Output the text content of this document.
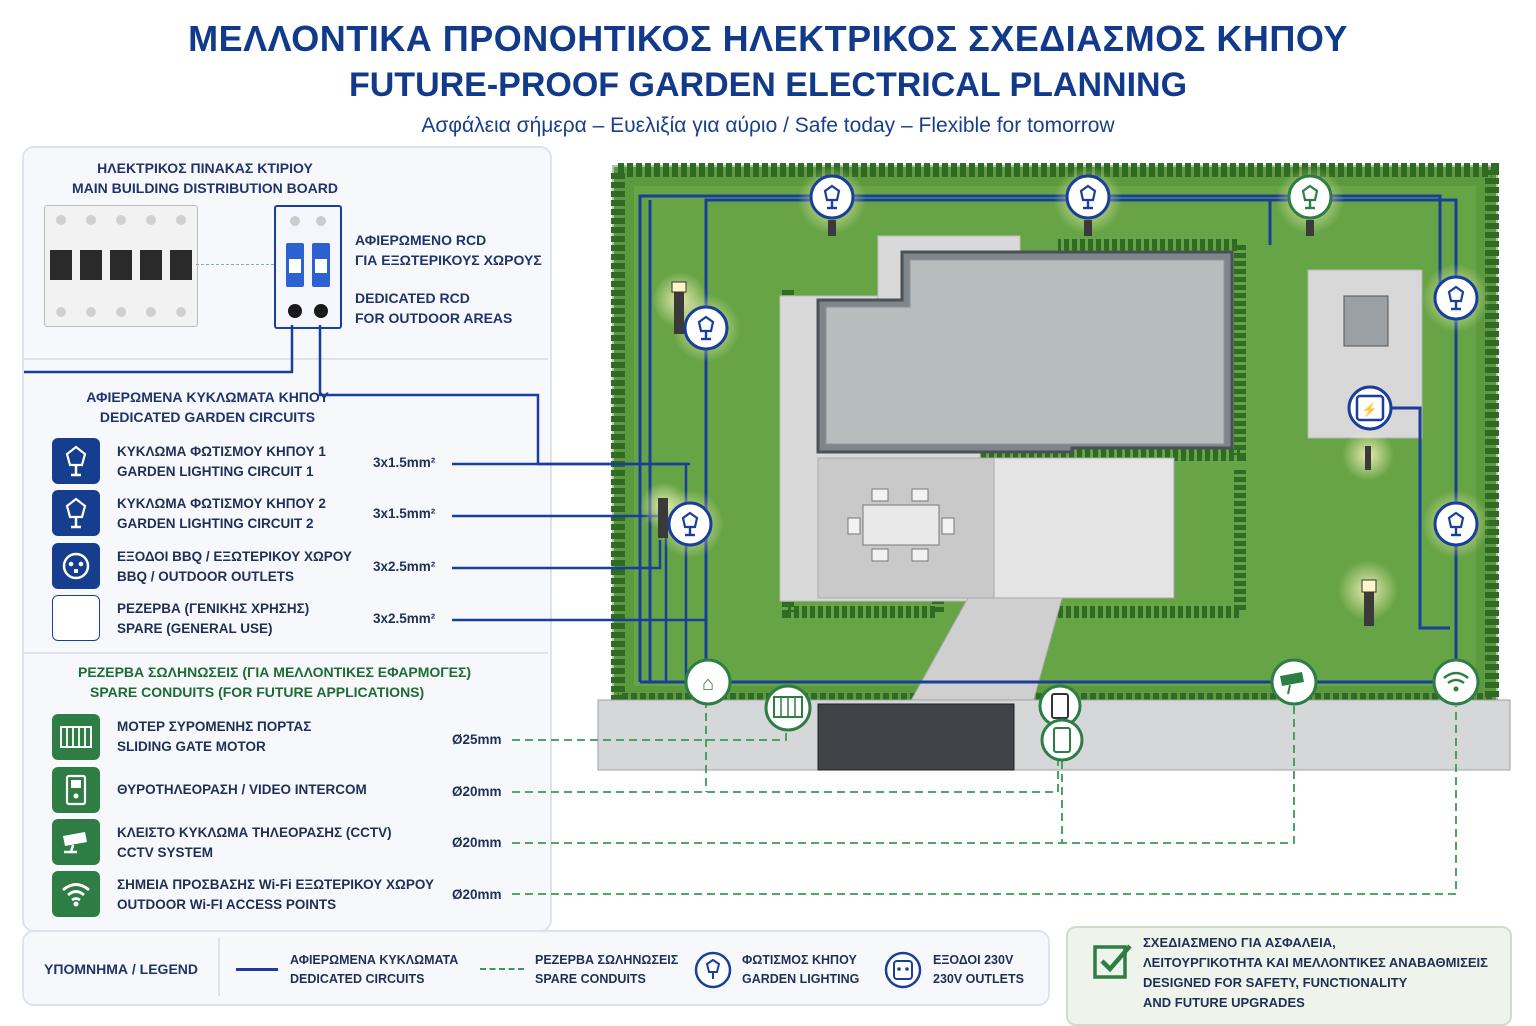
ΜΕΛΛΟΝΤΙΚΑ ΠΡΟΝΟΗΤΙΚΟΣ ΗΛΕΚΤΡΙΚΟΣ ΣΧΕΔΙΑΣΜΟΣ ΚΗΠΟΥ
FUTURE-PROOF GARDEN ELECTRICAL PLANNING
Ασφάλεια σήμερα – Ευελιξία για αύριο / Safe today – Flexible for tomorrow
ΗΛΕΚΤΡΙΚΟΣ ΠΙΝΑΚΑΣ ΚΤΙΡΙΟΥ
MAIN BUILDING DISTRIBUTION BOARD
ΑΦΙΕΡΩΜΕΝΟ RCD
ΓΙΑ ΕΞΩΤΕΡΙΚΟΥΣ ΧΩΡΟΥΣ
DEDICATED RCD
FOR OUTDOOR AREAS
ΑΦΙΕΡΩΜΕΝΑ ΚΥΚΛΩΜΑΤΑ ΚΗΠΟΥ
DEDICATED GARDEN CIRCUITS
ΚΥΚΛΩΜΑ ΦΩΤΙΣΜΟΥ ΚΗΠΟΥ 1
GARDEN LIGHTING CIRCUIT 1
3x1.5mm²
ΚΥΚΛΩΜΑ ΦΩΤΙΣΜΟΥ ΚΗΠΟΥ 2
GARDEN LIGHTING CIRCUIT 2
3x1.5mm²
ΕΞΟΔΟΙ BBQ / ΕΞΩΤΕΡΙΚΟΥ ΧΩΡΟΥ
BBQ / OUTDOOR OUTLETS
3x2.5mm²
ΡΕΖΕΡΒΑ (ΓΕΝΙΚΗΣ ΧΡΗΣΗΣ)
SPARE (GENERAL USE)
3x2.5mm²
ΡΕΖΕΡΒΑ ΣΩΛΗΝΩΣΕΙΣ (ΓΙΑ ΜΕΛΛΟΝΤΙΚΕΣ ΕΦΑΡΜΟΓΕΣ)
SPARE CONDUITS (FOR FUTURE APPLICATIONS)
ΜΟΤΕΡ ΣΥΡΟΜΕΝΗΣ ΠΟΡΤΑΣ
SLIDING GATE MOTOR	Ø25mm
ΘΥΡΟΤΗΛΕΟΡΑΣΗ / VIDEO INTERCOM	Ø20mm
ΚΛΕΙΣΤΟ ΚΥΚΛΩΜΑ ΤΗΛΕΟΡΑΣΗΣ (CCTV)
CCTV SYSTEM
Ø20mm
ΣΗΜΕΙΑ ΠΡΟΣΒΑΣΗΣ Wi-Fi ΕΞΩΤΕΡΙΚΟΥ ΧΩΡΟΥ
OUTDOOR Wi-FI ACCESS POINTS
Ø20mm
⚡
⌂
ΥΠΟΜΝΗΜΑ / LEGEND
ΑΦΙΕΡΩΜΕΝΑ ΚΥΚΛΩΜΑΤΑ
DEDICATED CIRCUITS
ΡΕΖΕΡΒΑ ΣΩΛΗΝΩΣΕΙΣ
SPARE CONDUITS
ΦΩΤΙΣΜΟΣ ΚΗΠΟΥ
GARDEN LIGHTING
ΕΞΟΔΟΙ 230V
230V OUTLETS
ΣΧΕΔΙΑΣΜΕΝΟ ΓΙΑ ΑΣΦΑΛΕΙΑ,
ΛΕΙΤΟΥΡΓΙΚΟΤΗΤΑ ΚΑΙ ΜΕΛΛΟΝΤΙΚΕΣ ΑΝΑΒΑΘΜΙΣΕΙΣ
DESIGNED FOR SAFETY, FUNCTIONALITY
AND FUTURE UPGRADES
